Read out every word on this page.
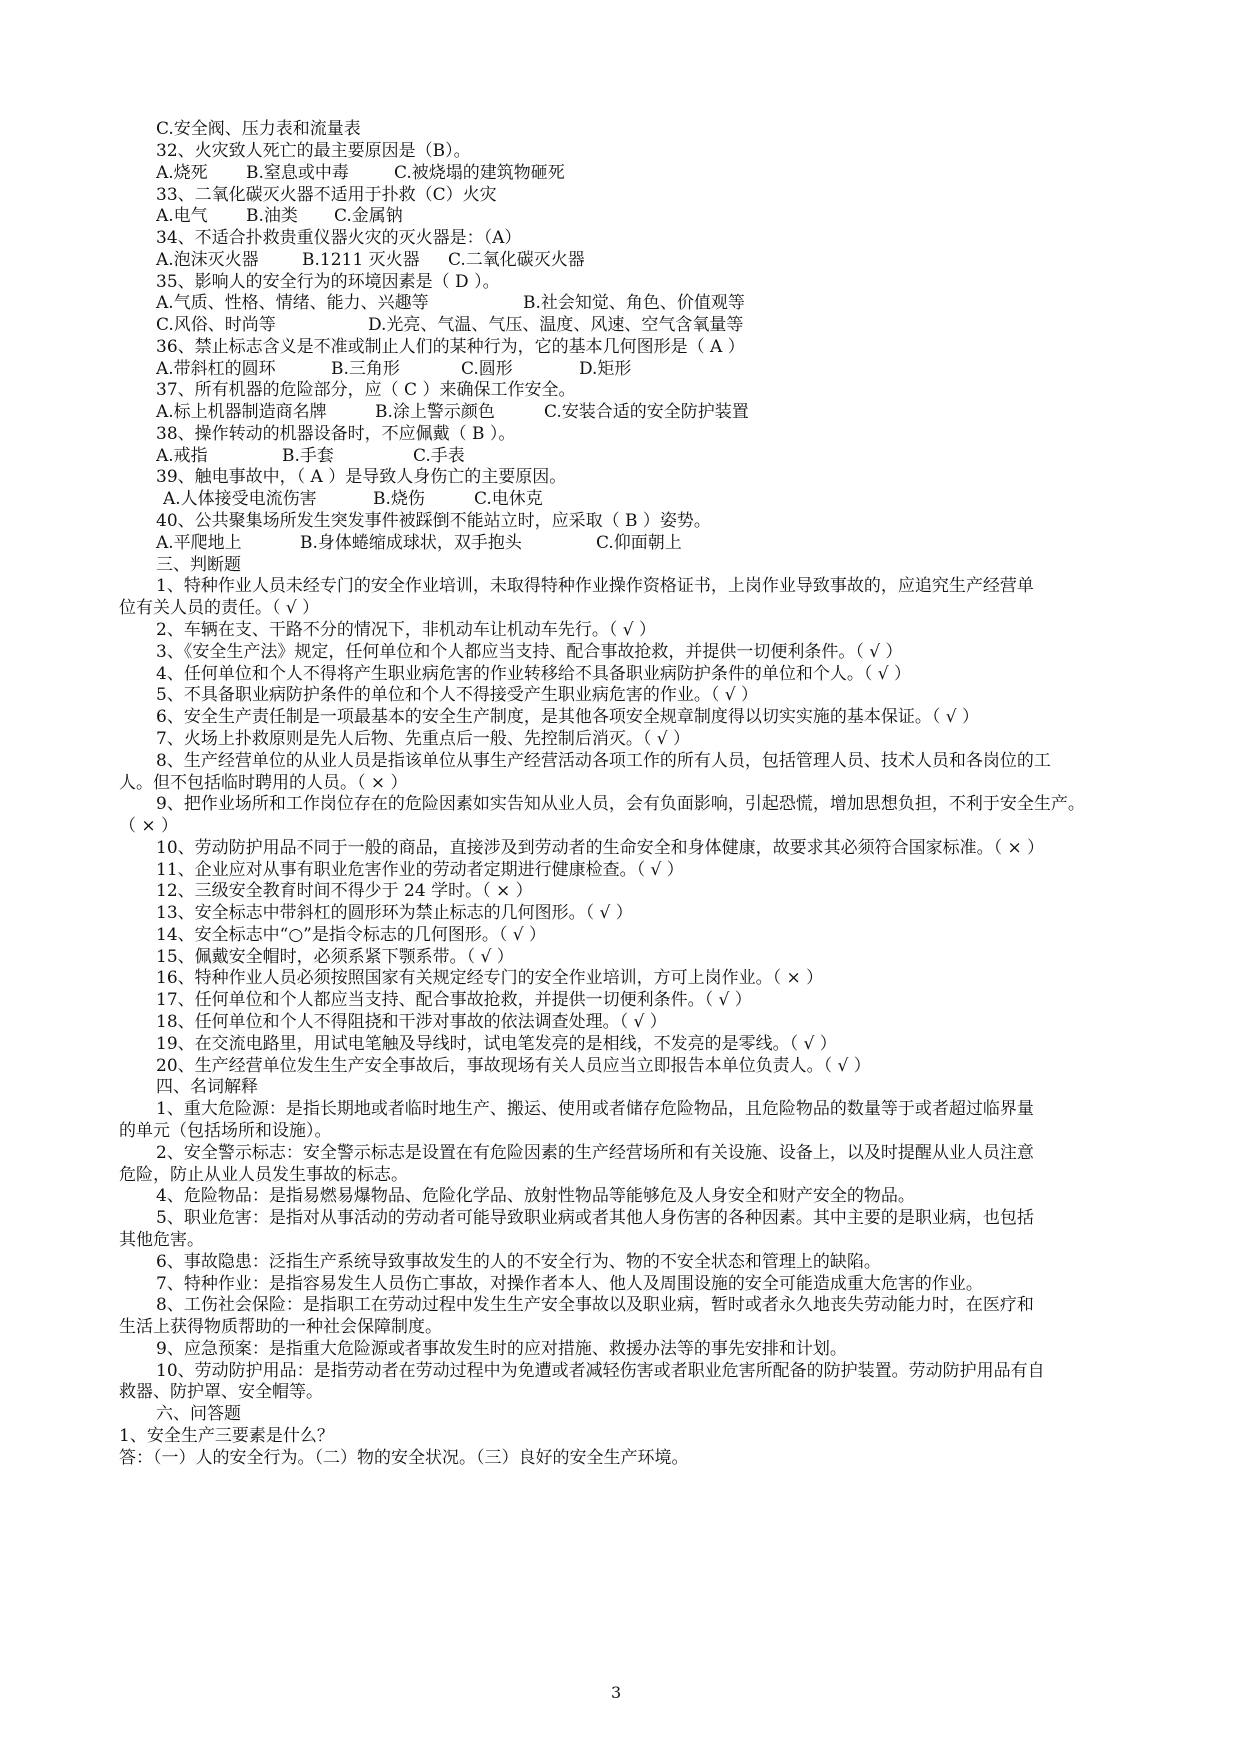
C.安全阀、压力表和流量表

32、火灾致人死亡的最主要原因是（B）。

A.烧死 B.窒息或中毒	C.被烧塌的建筑物砸死

33、二氧化碳灭火器不适用于扑救（C）火灾

A.电气 B.油类 C.金属钠

34、不适合扑救贵重仪器火灾的灭火器是：（A）

A.泡沫灭火器	B.1211 灭火器 C.二氧化碳灭火器

35、影响人的安全行为的环境因素是（ D ）。

A.气质、性格、情绪、能力、兴趣等	B.社会知觉、角色、价值观等

C.风俗、时尚等	D.光亮、气温、气压、温度、风速、空气含氧量等

36、禁止标志含义是不准或制止人们的某种行为，它的基本几何图形是（ A ）

A.带斜杠的圆环	B.三角形	C.圆形	D.矩形

37、所有机器的危险部分，应（ C ）来确保工作安全。

A.标上机器制造商名牌	B.涂上警示颜色	C.安装合适的安全防护装置

38、操作转动的机器设备时，不应佩戴（ B ）。

A.戒指	B.手套	C.手表

39、触电事故中，（ A ）是导致人身伤亡的主要原因。

A.人体接受电流伤害	B.烧伤	C.电休克

40、公共聚集场所发生突发事件被踩倒不能站立时，应采取（ B ）姿势。

A.平爬地上	B.身体蜷缩成球状，双手抱头	C.仰面朝上

三、判断题

1、特种作业人员未经专门的安全作业培训，未取得特种作业操作资格证书，上岗作业导致事故的，应追究生产经营单

位有关人员的责任。（ √ ）

2、车辆在支、干路不分的情况下，非机动车让机动车先行。（ √ ）

3、《安全生产法》规定，任何单位和个人都应当支持、配合事故抢救，并提供一切便利条件。（ √ ）

4、任何单位和个人不得将产生职业病危害的作业转移给不具备职业病防护条件的单位和个人。（ √ ）

5、不具备职业病防护条件的单位和个人不得接受产生职业病危害的作业。（ √ ）

6、安全生产责任制是一项最基本的安全生产制度，是其他各项安全规章制度得以切实实施的基本保证。（ √ ）

7、火场上扑救原则是先人后物、先重点后一般、先控制后消灭。（ √ ）

8、生产经营单位的从业人员是指该单位从事生产经营活动各项工作的所有人员，包括管理人员、技术人员和各岗位的工

人。但不包括临时聘用的人员。（ × ）

9、把作业场所和工作岗位存在的危险因素如实告知从业人员，会有负面影响，引起恐慌，增加思想负担，不利于安全生产。

（ × ）

10、劳动防护用品不同于一般的商品，直接涉及到劳动者的生命安全和身体健康，故要求其必须符合国家标准。（ × ）

11、企业应对从事有职业危害作业的劳动者定期进行健康检查。（ √ ）

12、三级安全教育时间不得少于 24 学时。（ × ）

13、安全标志中带斜杠的圆形环为禁止标志的几何图形。（ √ ）

14、安全标志中“○”是指令标志的几何图形。（ √ ）

15、佩戴安全帽时，必须系紧下颚系带。（ √ ）

16、特种作业人员必须按照国家有关规定经专门的安全作业培训，方可上岗作业。（ × ）

17、任何单位和个人都应当支持、配合事故抢救，并提供一切便利条件。（ √ ）

18、任何单位和个人不得阻挠和干涉对事故的依法调查处理。（ √ ）

19、在交流电路里，用试电笔触及导线时，试电笔发亮的是相线，不发亮的是零线。（ √ ）

20、生产经营单位发生生产安全事故后，事故现场有关人员应当立即报告本单位负责人。（ √ ）

四、名词解释

1、重大危险源：是指长期地或者临时地生产、搬运、使用或者储存危险物品，且危险物品的数量等于或者超过临界量

的单元（包括场所和设施）。

2、安全警示标志：安全警示标志是设置在有危险因素的生产经营场所和有关设施、设备上，以及时提醒从业人员注意

危险，防止从业人员发生事故的标志。

4、危险物品：是指易燃易爆物品、危险化学品、放射性物品等能够危及人身安全和财产安全的物品。

5、职业危害：是指对从事活动的劳动者可能导致职业病或者其他人身伤害的各种因素。其中主要的是职业病，也包括

其他危害。

6、事故隐患：泛指生产系统导致事故发生的人的不安全行为、物的不安全状态和管理上的缺陷。

7、特种作业：是指容易发生人员伤亡事故，对操作者本人、他人及周围设施的安全可能造成重大危害的作业。

8、工伤社会保险：是指职工在劳动过程中发生生产安全事故以及职业病，暂时或者永久地丧失劳动能力时，在医疗和

生活上获得物质帮助的一种社会保障制度。

9、应急预案：是指重大危险源或者事故发生时的应对措施、救援办法等的事先安排和计划。

10、劳动防护用品：是指劳动者在劳动过程中为免遭或者减轻伤害或者职业危害所配备的防护装置。劳动防护用品有自

救器、防护罩、安全帽等。

六、问答题

1、安全生产三要素是什么？

答：（一）人的安全行为。（二）物的安全状况。（三）良好的安全生产环境。

3
